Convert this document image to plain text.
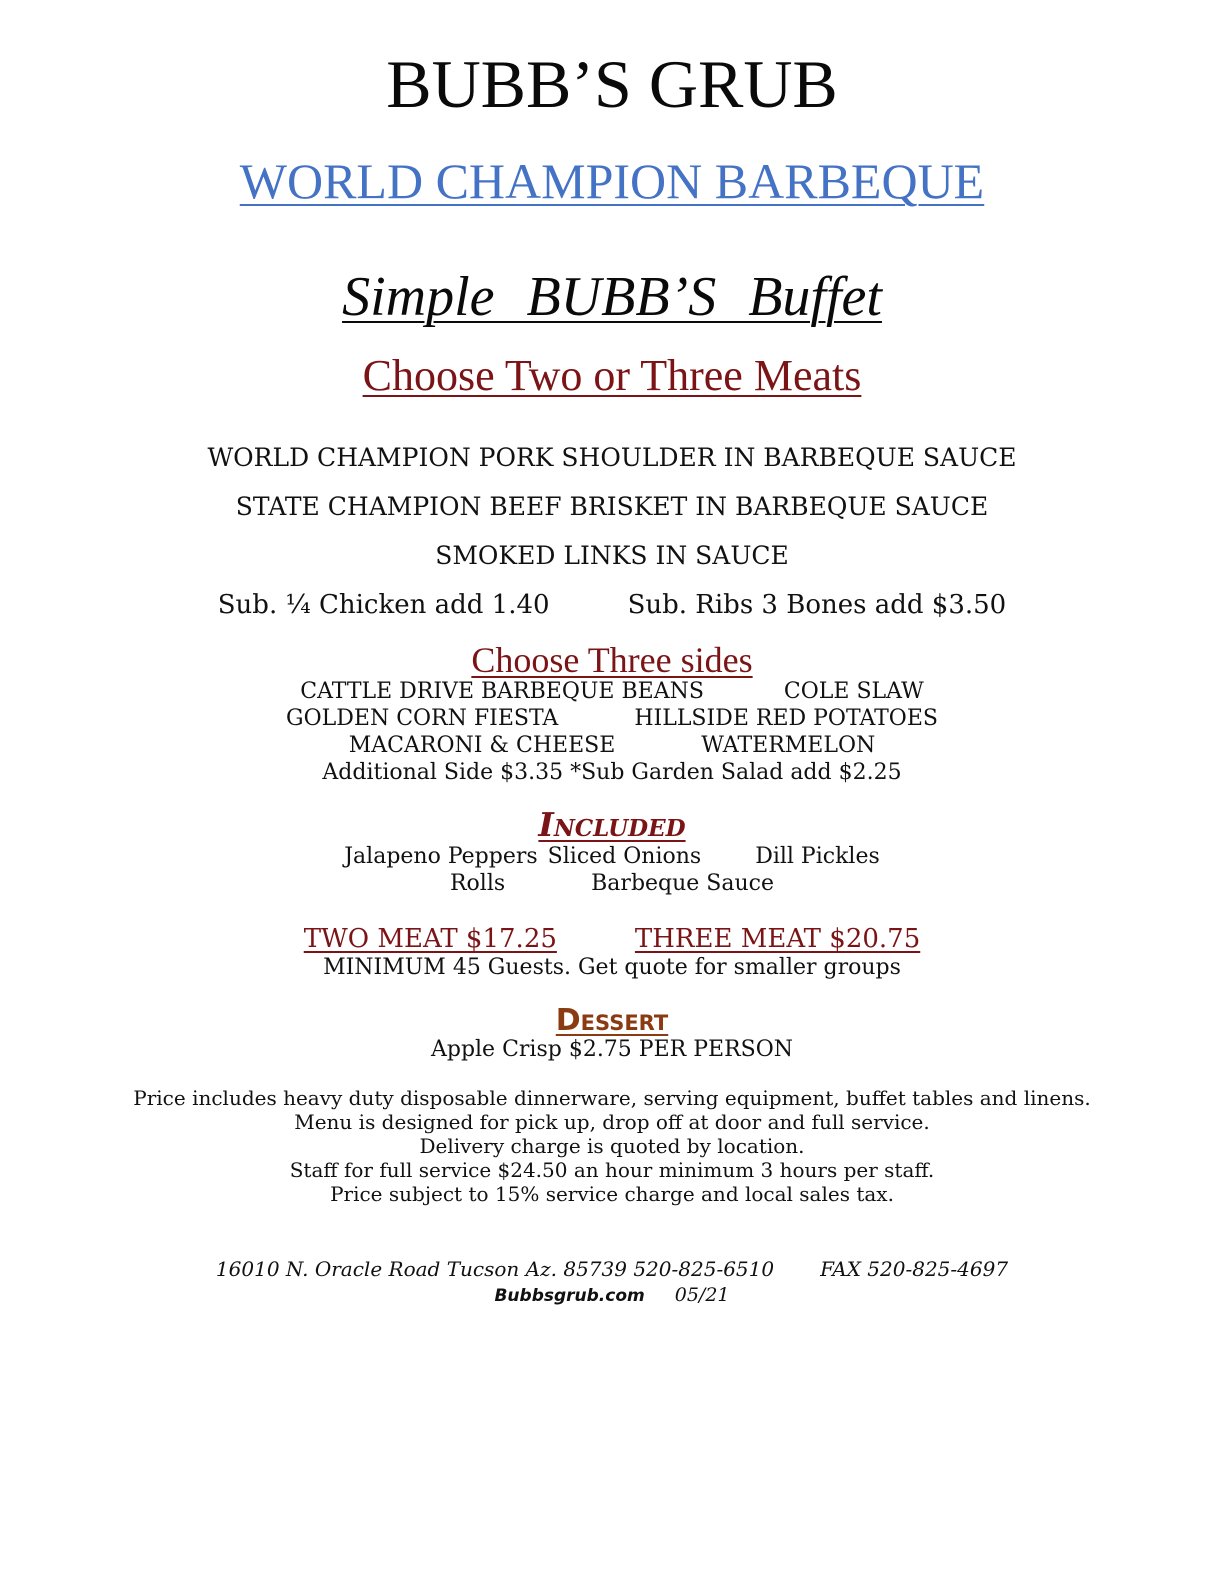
BUBB’S GRUB
WORLD CHAMPION BARBEQUE
Simple BUBB’S Buffet
Choose Two or Three Meats
WORLD CHAMPION PORK SHOULDER IN BARBEQUE SAUCE
STATE CHAMPION BEEF BRISKET IN BARBEQUE SAUCE
SMOKED LINKS IN SAUCE
Sub. ¼ Chicken add 1.40	Sub. Ribs 3 Bones add $3.50
Choose Three sides
CATTLE DRIVE BARBEQUE BEANS	COLE SLAW
GOLDEN CORN FIESTA	HILLSIDE RED POTATOES
MACARONI & CHEESE	WATERMELON
Additional Side $3.35 *Sub Garden Salad add $2.25
Included
Jalapeno Peppers Sliced Onions Dill Pickles
Rolls	Barbeque Sauce
TWO MEAT $17.25	THREE MEAT $20.75
MINIMUM 45 Guests. Get quote for smaller groups
Dessert
Apple Crisp $2.75 PER PERSON
Price includes heavy duty disposable dinnerware, serving equipment, buffet tables and linens.
Menu is designed for pick up, drop off at door and full service.
Delivery charge is quoted by location.
Staff for full service $24.50 an hour minimum 3 hours per staff.
Price subject to 15% service charge and local sales tax.
16010 N. Oracle Road Tucson Az. 85739 520-825-6510 FAX 520-825-4697
Bubbsgrub.com 05/21
